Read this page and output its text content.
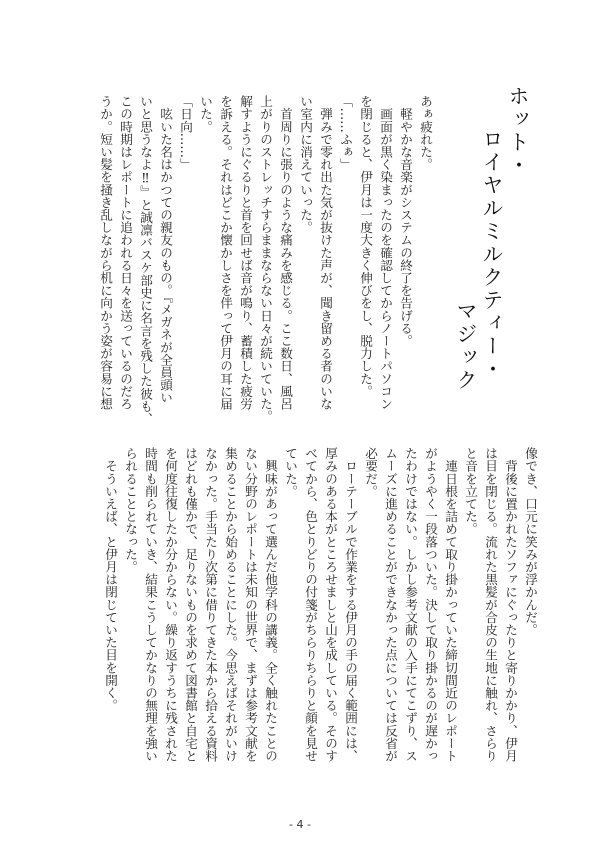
ホット・
ロイヤルミルクティー・
マジック
あぁ疲れた。
　軽やかな音楽がシステムの終了を告げる。
　画面が黒く染まったのを確認してからノートパソコン
を閉じると、伊月は一度大きく伸びをし、脱力した。
「……ふぁ」
　弾みで零れ出た気が抜けた声が、聞き留める者のいな
い室内に消えていった。
　首周りに張りのような痛みを感じる。ここ数日、風呂
上がりのストレッチすらままならない日々が続いていた。
解すようにぐるりと首を回せば音が鳴り、蓄積した疲労
を訴える。それはどこか懐かしさを伴って伊月の耳に届
いた。
「日向……」
　呟いた名はかつての親友のもの。『メガネが全員頭い
いと思うなよ‼』と誠凛バスケ部史に名言を残した彼も、
この時期はレポートに追われる日々を送っているのだろ
うか。短い髪を掻き乱しながら机に向かう姿が容易に想
像でき、口元に笑みが浮かんだ。
　背後に置かれたソファにぐったりと寄りかかり、伊月
は目を閉じる。流れた黒髪が合皮の生地に触れ、さらり
と音を立てた。
　連日根を詰めて取り掛かっていた締切間近のレポート
がようやく一段落ついた。決して取り掛かるのが遅かっ
たわけではない。しかし参考文献の入手にてこずり、ス
ムーズに進めることができなかった点については反省が
必要だ。
　ローテーブルで作業をする伊月の手の届く範囲には、
厚みのある本がところせましと山を成している。そのす
べてから、色とりどりの付箋がちらりちらりと顔を見せ
ていた。
　興味があって選んだ他学科の講義。全く触れたことの
ない分野のレポートは未知の世界で、まずは参考文献を
集めることから始めることにした。今思えばそれがいけ
なかった。手当たり次第に借りてきた本から拾える資料
はどれも僅かで、足りないものを求めて図書館と自宅と
を何度往復したか分からない。繰り返すうちに残された
時間も削られていき、結果こうしてかなりの無理を強い
られることとなった。
　そういえば、と伊月は閉じていた目を開く。
- 4 -
